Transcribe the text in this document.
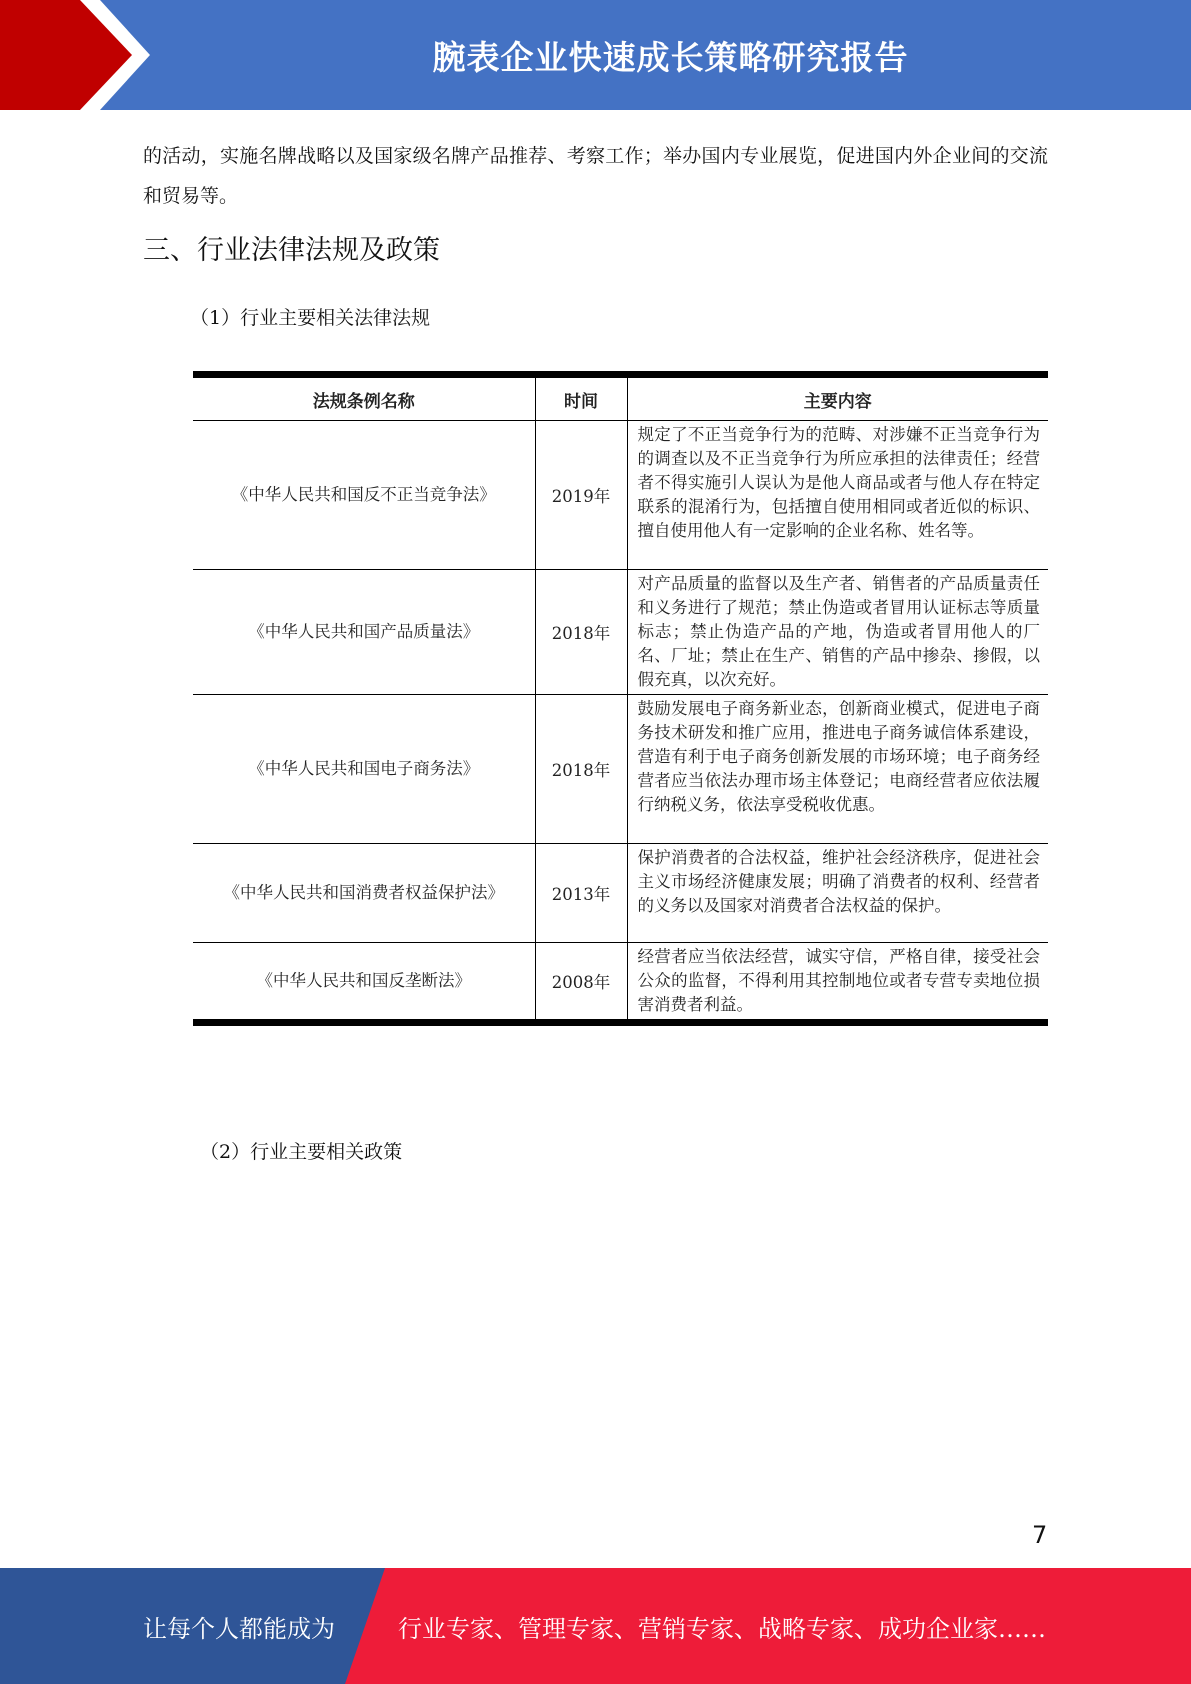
腕表企业快速成长策略研究报告
的活动，实施名牌战略以及国家级名牌产品推荐、考察工作；举办国内专业展览，促进国内外企业间的交流和贸易等。
三、行业法律法规及政策
（1）行业主要相关法律法规
法规条例名称	时间	主要内容
《中华人民共和国反不正当竞争法》	2019年	规定了不正当竞争行为的范畴、对涉嫌不正当竞争行为的调查以及不正当竞争行为所应承担的法律责任；经营者不得实施引人误认为是他人商品或者与他人存在特定联系的混淆行为，包括擅自使用相同或者近似的标识、擅自使用他人有一定影响的企业名称、姓名等。
《中华人民共和国产品质量法》	2018年	对产品质量的监督以及生产者、销售者的产品质量责任和义务进行了规范；禁止伪造或者冒用认证标志等质量标志；禁止伪造产品的产地，伪造或者冒用他人的厂名、厂址；禁止在生产、销售的产品中掺杂、掺假，以假充真，以次充好。
《中华人民共和国电子商务法》	2018年	鼓励发展电子商务新业态，创新商业模式，促进电子商务技术研发和推广应用，推进电子商务诚信体系建设，营造有利于电子商务创新发展的市场环境；电子商务经营者应当依法办理市场主体登记；电商经营者应依法履行纳税义务，依法享受税收优惠。
《中华人民共和国消费者权益保护法》	2013年	保护消费者的合法权益，维护社会经济秩序，促进社会主义市场经济健康发展；明确了消费者的权利、经营者的义务以及国家对消费者合法权益的保护。
《中华人民共和国反垄断法》	2008年	经营者应当依法经营，诚实守信，严格自律，接受社会公众的监督，不得利用其控制地位或者专营专卖地位损害消费者利益。
（2）行业主要相关政策
7
让每个人都能成为	行业专家、管理专家、营销专家、战略专家、成功企业家……
